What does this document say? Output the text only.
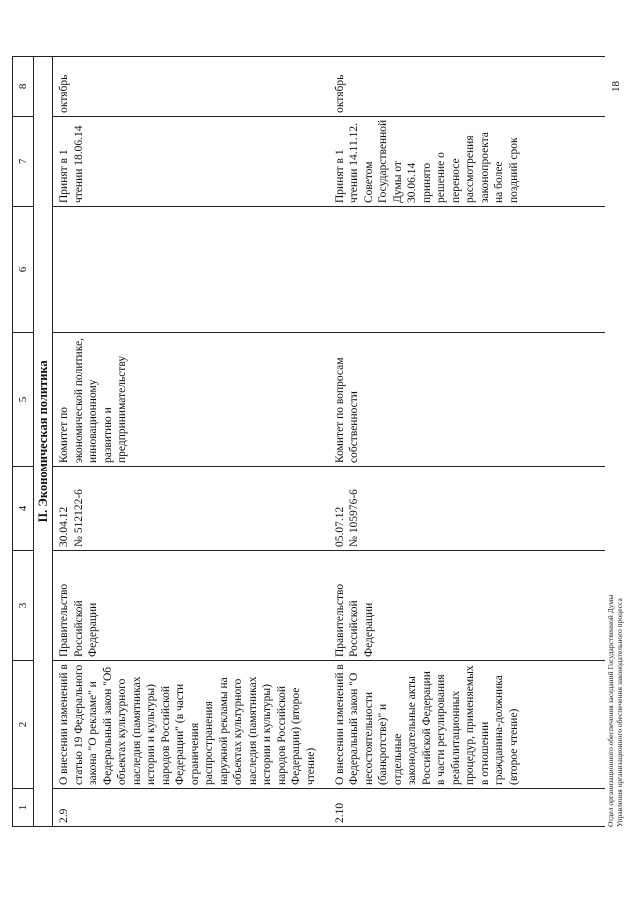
1	2	3	4	5	6	7	8
II. Экономическая политика							
2.9	О внесении изменений в статью 19 Федерального закона "О рекламе" и Федеральный закон "Об объектах культурного наследия (памятниках истории и культуры) народов Российской Федерации" (в части ограничения распространения наружной рекламы на объектах культурного наследия (памятниках истории и культуры) народов Российской Федерации) (второе чтение)	Правительство Российской Федерации	30.04.12 № 512122-6	Комитет по экономической политике, инновационному развитию и предпринимательству		Принят в 1 чтении 18.06.14	октябрь
2.10	О внесении изменений в Федеральный закон "О несостоятельности (банкротстве)" и отдельные законодательные акты Российской Федерации в части регулирования реабилитационных процедур, применяемых в отношении гражданина-должника (второе чтение)	Правительство Российской Федерации	05.07.12 № 105976-6	Комитет по вопросам собственности		Принят в 1 чтении 14.11.12. Советом Государственной Думы от 30.06.14 принято решение о переносе рассмотрения законопроекта на более поздний срок	октябрь
Отдел организационного обеспечения заседаний Государственной Думы Управления организационного обеспечения законодательного процесса
18
